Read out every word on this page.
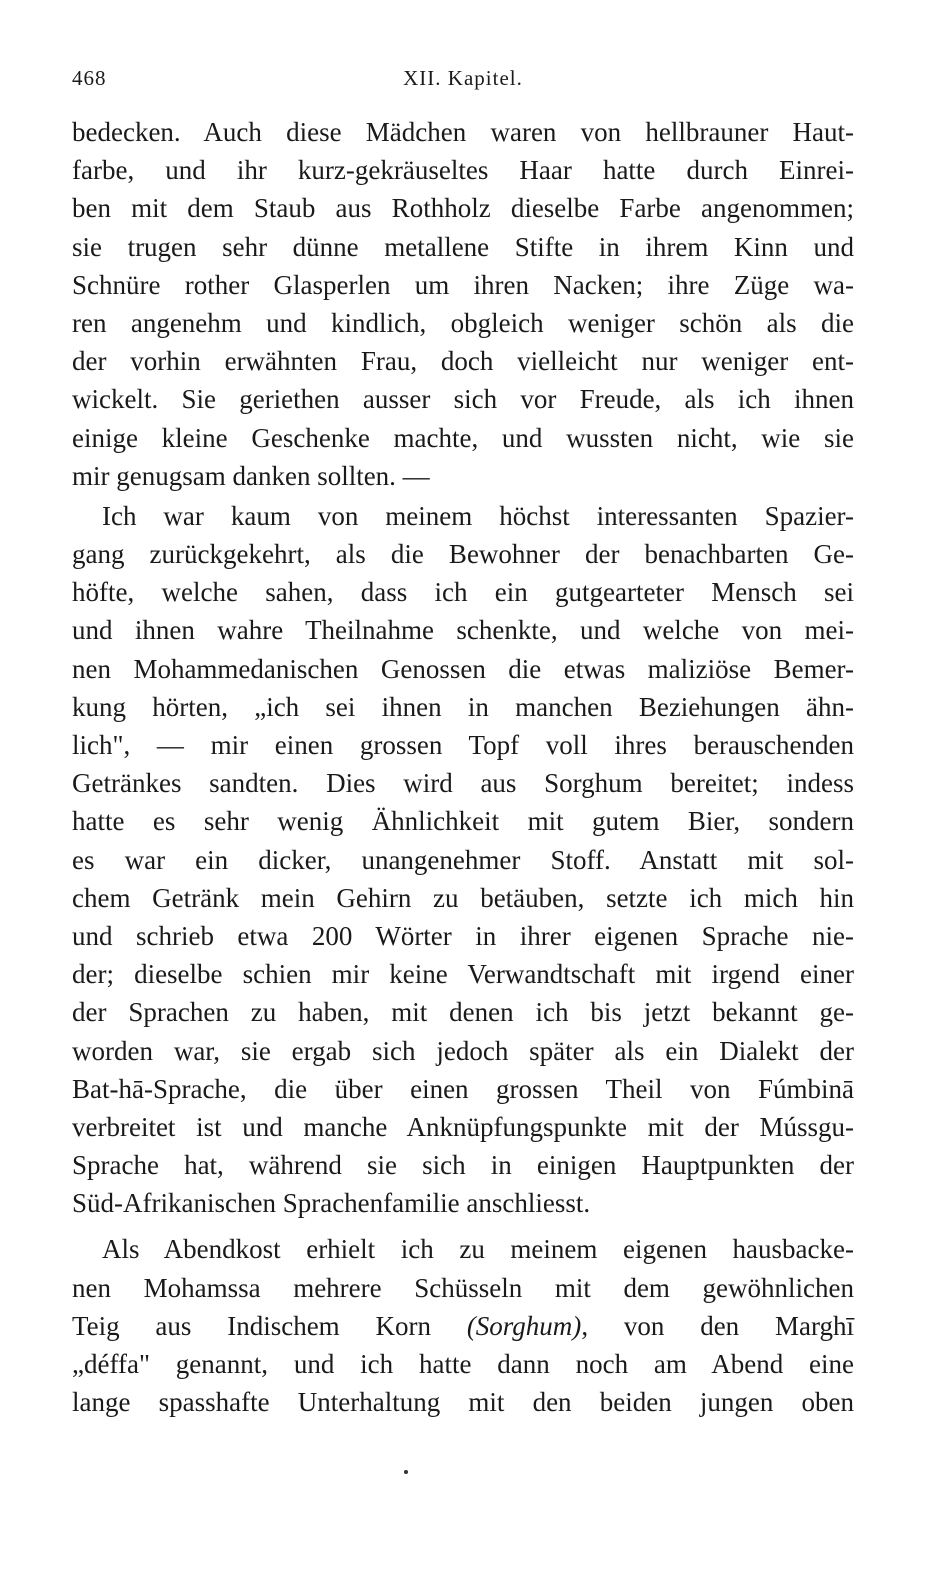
468	XII. Kapitel.
bedecken. Auch diese Mädchen waren von hellbrauner Haut-
farbe, und ihr kurz-gekräuseltes Haar hatte durch Einrei-
ben mit dem Staub aus Rothholz dieselbe Farbe angenommen;
sie trugen sehr dünne metallene Stifte in ihrem Kinn und
Schnüre rother Glasperlen um ihren Nacken; ihre Züge wa-
ren angenehm und kindlich, obgleich weniger schön als die
der vorhin erwähnten Frau, doch vielleicht nur weniger ent-
wickelt. Sie geriethen ausser sich vor Freude, als ich ihnen
einige kleine Geschenke machte, und wussten nicht, wie sie
mir genugsam danken sollten. —
Ich war kaum von meinem höchst interessanten Spazier-
gang zurückgekehrt, als die Bewohner der benachbarten Ge-
höfte, welche sahen, dass ich ein gutgearteter Mensch sei
und ihnen wahre Theilnahme schenkte, und welche von mei-
nen Mohammedanischen Genossen die etwas maliziöse Bemer-
kung hörten, „ich sei ihnen in manchen Beziehungen ähn-
lich", — mir einen grossen Topf voll ihres berauschenden
Getränkes sandten. Dies wird aus Sorghum bereitet; indess
hatte es sehr wenig Ähnlichkeit mit gutem Bier, sondern
es war ein dicker, unangenehmer Stoff. Anstatt mit sol-
chem Getränk mein Gehirn zu betäuben, setzte ich mich hin
und schrieb etwa 200 Wörter in ihrer eigenen Sprache nie-
der; dieselbe schien mir keine Verwandtschaft mit irgend einer
der Sprachen zu haben, mit denen ich bis jetzt bekannt ge-
worden war, sie ergab sich jedoch später als ein Dialekt der
Bat-hā-Sprache, die über einen grossen Theil von Fúmbinā
verbreitet ist und manche Anknüpfungspunkte mit der Mússgu-
Sprache hat, während sie sich in einigen Hauptpunkten der
Süd-Afrikanischen Sprachenfamilie anschliesst.
Als Abendkost erhielt ich zu meinem eigenen hausbacke-
nen Mohamssa mehrere Schüsseln mit dem gewöhnlichen
Teig aus Indischem Korn (Sorghum), von den Marghī
„déffa" genannt, und ich hatte dann noch am Abend eine
lange spasshafte Unterhaltung mit den beiden jungen oben
